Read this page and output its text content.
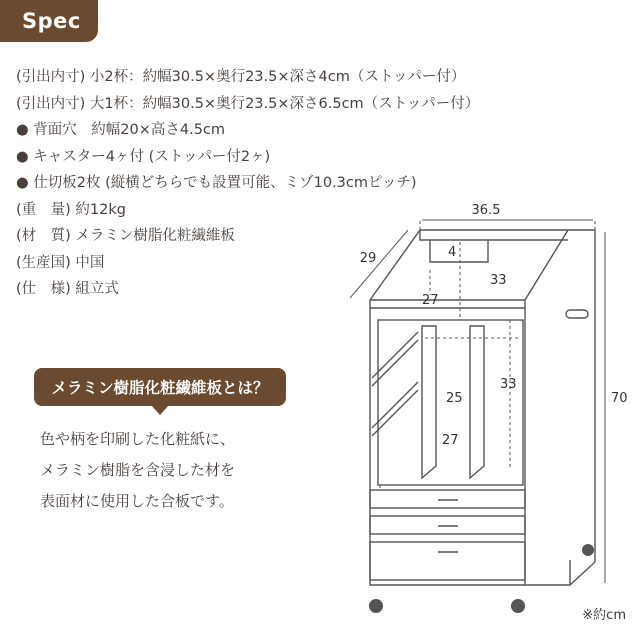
Spec
(引出内寸) 小2杯：約幅30.5×奥行23.5×深さ4cm（ストッパー付）
(引出内寸) 大1杯：約幅30.5×奥行23.5×深さ6.5cm（ストッパー付）
● 背面穴　約幅20×高さ4.5cm
● キャスター4ヶ付 (ストッパー付2ヶ)
● 仕切板2枚 (縦横どちらでも設置可能、ミゾ10.3cmピッチ)
(重　量) 約12kg
(材　質) メラミン樹脂化粧繊維板
(生産国) 中国
(仕　様) 組立式
メラミン樹脂化粧繊維板とは？
色や柄を印刷した化粧紙に、
メラミン樹脂を含浸した材を
表面材に使用した合板です。
36.5
29
70
4
33
27
33
25
27
※約cm
